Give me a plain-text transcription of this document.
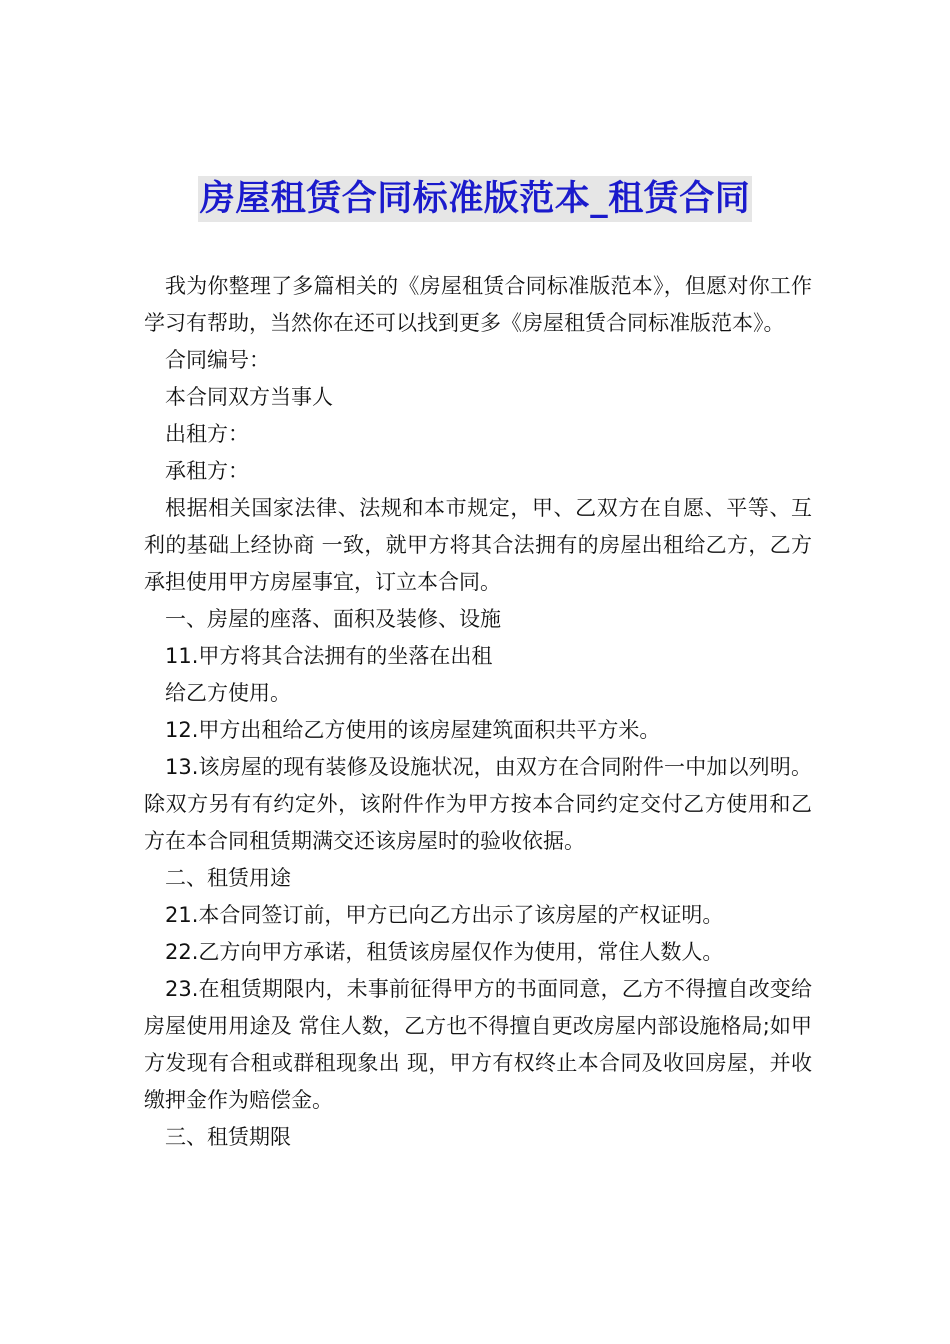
房屋租赁合同标准版范本_租赁合同

我为你整理了多篇相关的《房屋租赁合同标准版范本》，但愿对你工作学习有帮助，当然你在还可以找到更多《房屋租赁合同标准版范本》。

合同编号：

本合同双方当事人

出租方：

承租方：

根据相关国家法律、法规和本市规定，甲、乙双方在自愿、平等、互利的基础上经协商 一致，就甲方将其合法拥有的房屋出租给乙方，乙方承担使用甲方房屋事宜，订立本合同。

一、房屋的座落、面积及装修、设施

11.甲方将其合法拥有的坐落在出租

给乙方使用。

12.甲方出租给乙方使用的该房屋建筑面积共平方米。

13.该房屋的现有装修及设施状况，由双方在合同附件一中加以列明。除双方另有有约定外，该附件作为甲方按本合同约定交付乙方使用和乙方在本合同租赁期满交还该房屋时的验收依据。

二、租赁用途

21.本合同签订前，甲方已向乙方出示了该房屋的产权证明。

22.乙方向甲方承诺，租赁该房屋仅作为使用，常住人数人。

23.在租赁期限内，未事前征得甲方的书面同意，乙方不得擅自改变给房屋使用用途及 常住人数，乙方也不得擅自更改房屋内部设施格局;如甲方发现有合租或群租现象出 现，甲方有权终止本合同及收回房屋，并收缴押金作为赔偿金。

三、租赁期限
